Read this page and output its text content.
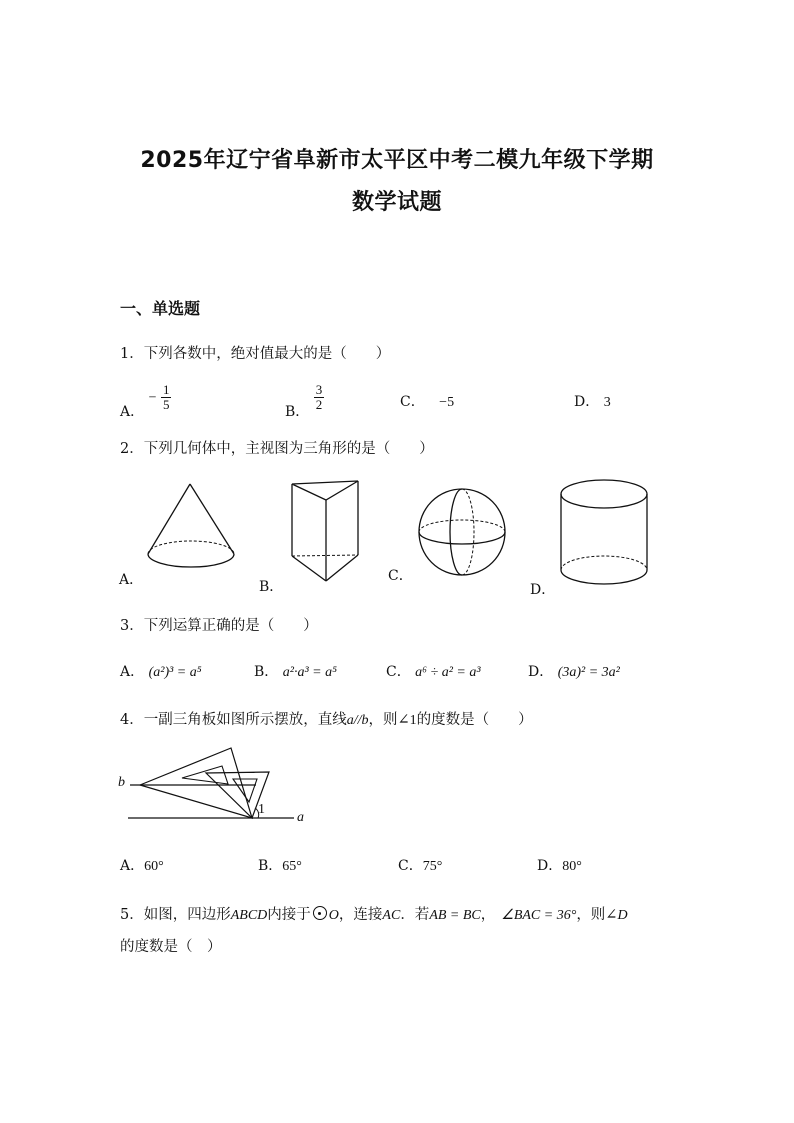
2025年辽宁省阜新市太平区中考二模九年级下学期
数学试题
一、单选题
1．下列各数中，绝对值最大的是（　　）
A． − $\frac{1}{5}$	B． $\frac{3}{2}$	C． −5	D． 3
2．下列几何体中，主视图为三角形的是（　　）
A．	B．
C．
D．
3．下列运算正确的是（　　）
A． (a²)³ = a⁵	B． a²·a³ = a⁵	C． a⁶ ÷ a² = a³	D． (3a)² = 3a²
4．一副三角板如图所示摆放，直线a//b，则∠1的度数是（　　）
b
a
1
A．60°	B．65°	C．75°	D．80°
5．如图，四边形ABCD内接于 O，连接AC．若AB = BC， ∠BAC = 36°，则∠D
的度数是（　）
